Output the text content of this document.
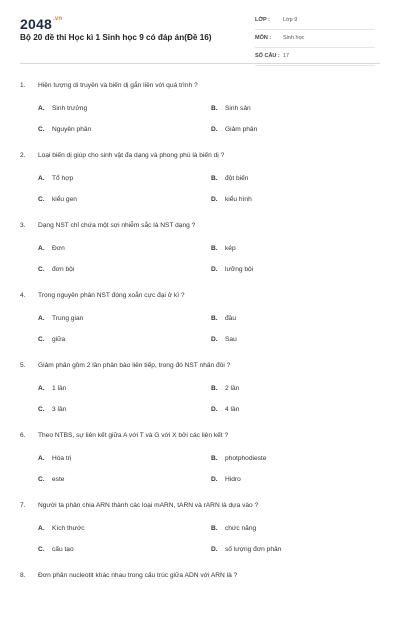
$2048^{.vn}$
Bộ 20 đề thi Học kì 1 Sinh học 9 có đáp án(Đề 16)
LỚP : Lớp 9
MÔN : Sinh học
SỐ CÂU : 17
1. Hiện tượng di truyền và biến dị gắn liền với quá trình ?
A. Sinh trưởng	B. Sinh sản
C. Nguyên phân	D. Giảm phân
2. Loại biến dị giúp cho sinh vật đa dạng và phong phú là biến dị ?
A. Tổ hợp	B. đột biến
C. kiểu gen	D. kiểu hình
3. Dạng NST chỉ chứa một sợi nhiễm sắc là NST dạng ?
A. Đơn	B. kép
C. đơn bội	D. lưỡng bội
4. Trong nguyên phân NST đóng xoắn cực đại ở kì ?
A. Trung gian	B. đầu
C. giữa	D. Sau
5. Giảm phân gồm 2 lần phân bào liên tiếp, trong đó NST nhân đôi ?
A. 1 lần	B. 2 lần
C. 3 lần	D. 4 lần
6. Theo NTBS, sự liên kết giữa A với T và G với X bởi các liên kết ?
A. Hóa trị	B. photphodieste
C. este	D. Hidro
7. Người ta phân chia ARN thành các loại mARN, tARN và rARN là dựa vào ?
A. Kích thước	B. chức năng
C. cấu tạo	D. số lượng đơn phân
8. Đơn phân nucleotit khác nhau trong cấu trúc giữa ADN với ARN là ?
